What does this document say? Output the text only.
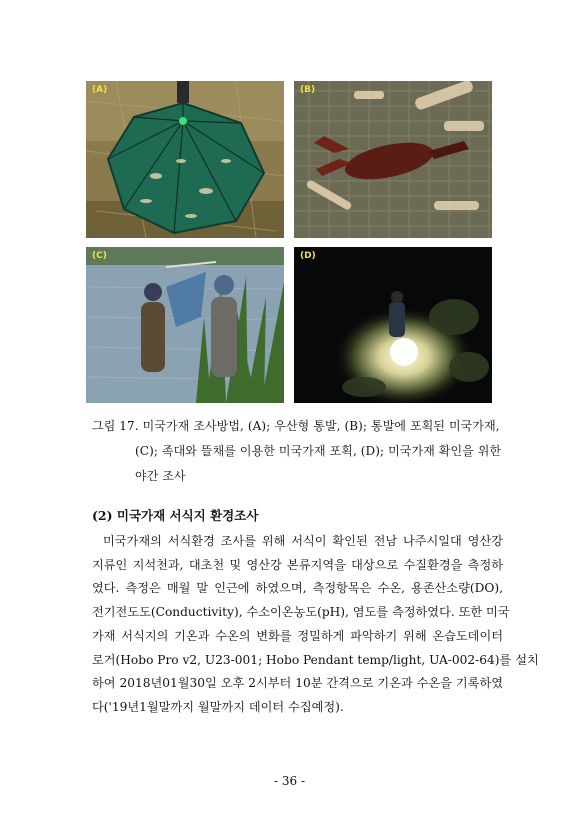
(A)	(B)
(C)	(D)
그림 17. 미국가재 조사방법, (A); 우산형 통발, (B); 통발에 포획된 미국가재,
(C); 족대와 뜰채를 이용한 미국가재 포획, (D); 미국가재 확인을 위한
야간 조사
(2) 미국가재 서식지 환경조사
미국가재의 서식환경 조사를 위해 서식이 확인된 전남 나주시일대 영산강
지류인 지석천과, 대초천 및 영산강 본류지역을 대상으로 수질환경을 측정하
였다. 측정은 매월 말 인근에 하였으며, 측정항목은 수온, 용존산소량(DO),
전기전도도(Conductivity), 수소이온농도(pH), 염도를 측정하였다. 또한 미국
가재 서식지의 기온과 수온의 변화를 정밀하게 파악하기 위해 온습도데이터
로거(Hobo Pro v2, U23-001; Hobo Pendant temp/light, UA-002-64)를 설치
하여 2018년01월30일 오후 2시부터 10분 간격으로 기온과 수온을 기록하였
다('19년1월말까지 월말까지 데이터 수집예정).
- 36 -
